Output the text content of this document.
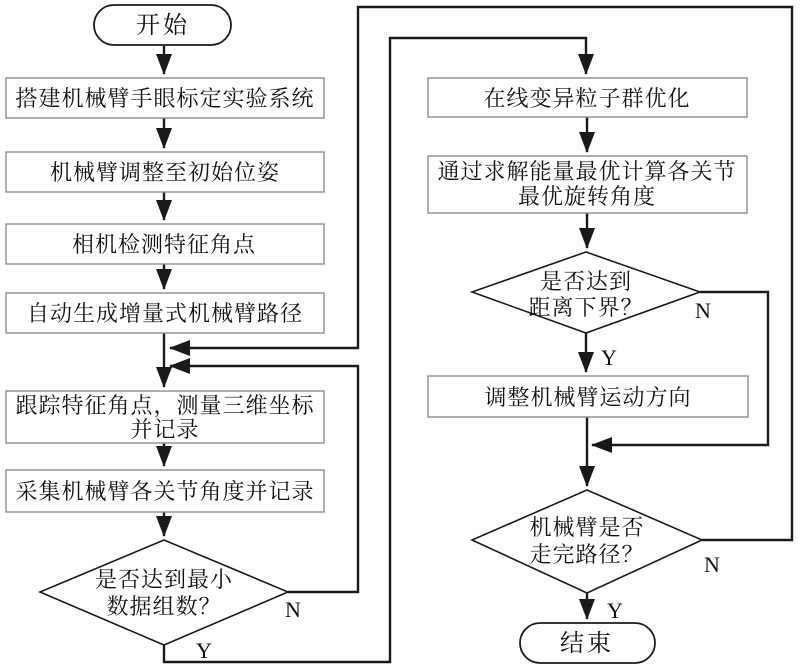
开始
结束
搭建机械臂手眼标定实验系统
机械臂调整至初始位姿
相机检测特征角点
自动生成增量式机械臂路径
跟踪特征角点，测量三维坐标
并记录
采集机械臂各关节角度并记录
是否达到最小
数据组数？	N
Y
在线变异粒子群优化
通过求解能量最优计算各关节
最优旋转角度
是否达到
距离下界？ N
Y
调整机械臂运动方向
机械臂是否
走完路径？	N
Y
